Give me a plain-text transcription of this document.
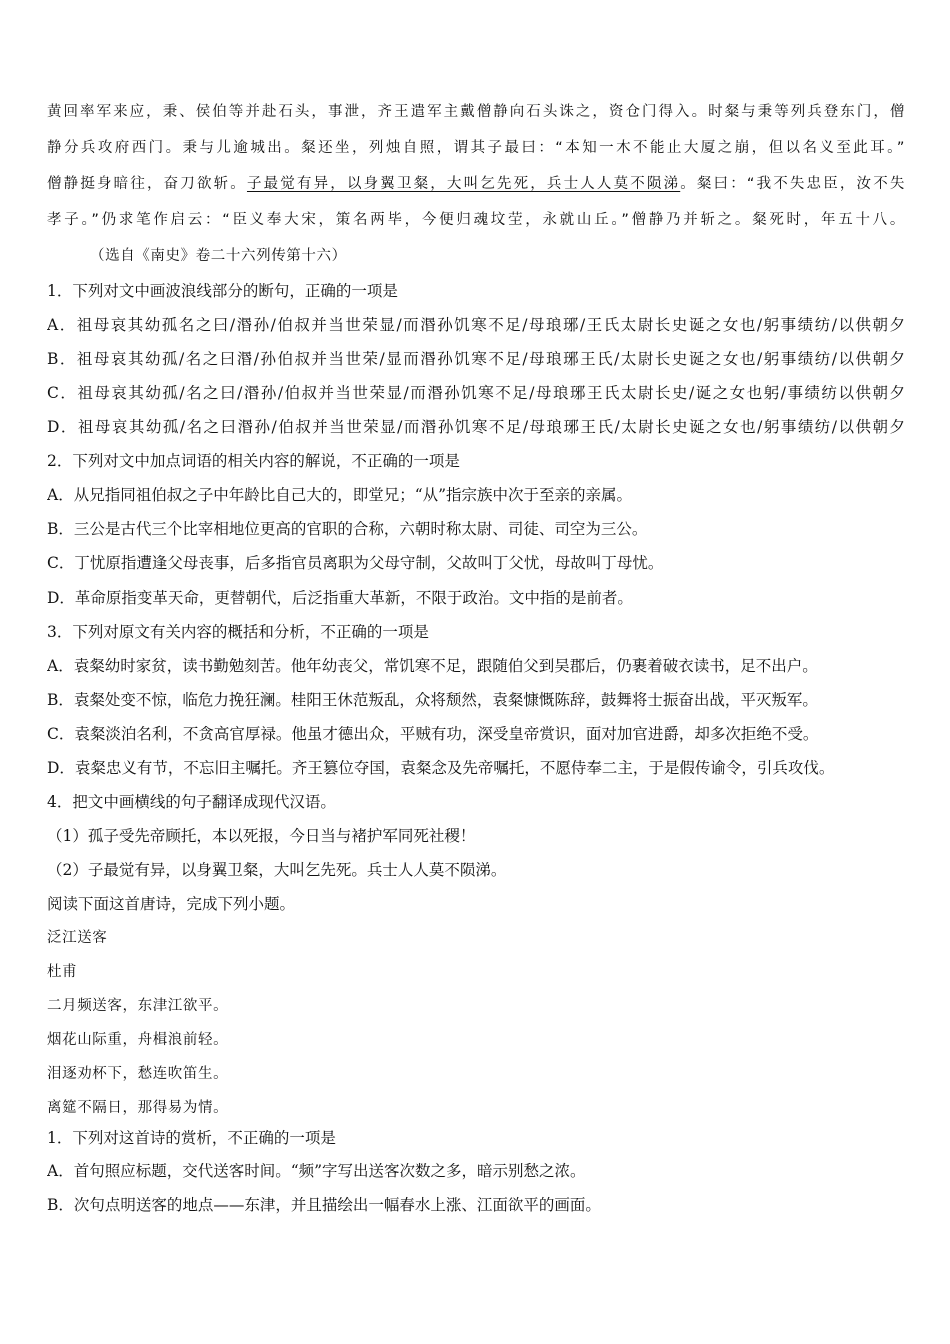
黄回率军来应，秉、侯伯等并赴石头，事泄，齐王遣军主戴僧静向石头诛之，资仓门得入。时粲与秉等列兵登东门，僧
静分兵攻府西门。秉与儿逾城出。粲还坐，列烛自照，谓其子最曰：“本知一木不能止大厦之崩，但以名义至此耳。”
僧静挺身暗往，奋刀欲斩。子最觉有异，以身翼卫粲，大叫乞先死，兵士人人莫不陨涕。粲曰：“我不失忠臣，汝不失
孝子。”仍求笔作启云：“臣义奉大宋，策名两毕，今便归魂坟茔，永就山丘。”僧静乃并斩之。粲死时，年五十八。
（选自《南史》卷二十六列传第十六）
1．下列对文中画波浪线部分的断句，正确的一项是
A．祖母哀其幼孤名之曰/湣孙/伯叔并当世荣显/而湣孙饥寒不足/母琅琊/王氏太尉长史诞之女也/躬事绩纺/以供朝夕
B．祖母哀其幼孤/名之曰湣/孙伯叔并当世荣/显而湣孙饥寒不足/母琅琊王氏/太尉长史诞之女也/躬事绩纺/以供朝夕
C．祖母哀其幼孤/名之曰/湣孙/伯叔并当世荣显/而湣孙饥寒不足/母琅琊王氏太尉长史/诞之女也躬/事绩纺以供朝夕
D．祖母哀其幼孤/名之曰湣孙/伯叔并当世荣显/而湣孙饥寒不足/母琅琊王氏/太尉长史诞之女也/躬事绩纺/以供朝夕
2．下列对文中加点词语的相关内容的解说，不正确的一项是
A．从兄指同祖伯叔之子中年龄比自己大的，即堂兄；“从”指宗族中次于至亲的亲属。
B．三公是古代三个比宰相地位更高的官职的合称，六朝时称太尉、司徒、司空为三公。
C．丁忧原指遭逢父母丧事，后多指官员离职为父母守制，父故叫丁父忧，母故叫丁母忧。
D．革命原指变革天命，更替朝代，后泛指重大革新，不限于政治。文中指的是前者。
3．下列对原文有关内容的概括和分析，不正确的一项是
A．袁粲幼时家贫，读书勤勉刻苦。他年幼丧父，常饥寒不足，跟随伯父到吴郡后，仍裹着破衣读书，足不出户。
B．袁粲处变不惊，临危力挽狂澜。桂阳王休范叛乱，众将颓然，袁粲慷慨陈辞，鼓舞将士振奋出战，平灭叛军。
C．袁粲淡泊名利，不贪高官厚禄。他虽才德出众，平贼有功，深受皇帝赏识，面对加官进爵，却多次拒绝不受。
D．袁粲忠义有节，不忘旧主嘱托。齐王篡位夺国，袁粲念及先帝嘱托，不愿侍奉二主，于是假传谕令，引兵攻伐。
4．把文中画横线的句子翻译成现代汉语。
（1）孤子受先帝顾托，本以死报，今日当与褚护军同死社稷！
（2）子最觉有异，以身翼卫粲，大叫乞先死。兵士人人莫不陨涕。
阅读下面这首唐诗，完成下列小题。
泛江送客
杜甫
二月频送客，东津江欲平。
烟花山际重，舟楫浪前轻。
泪逐劝杯下，愁连吹笛生。
离筵不隔日，那得易为情。
1．下列对这首诗的赏析，不正确的一项是
A．首句照应标题，交代送客时间。“频”字写出送客次数之多，暗示别愁之浓。
B．次句点明送客的地点——东津，并且描绘出一幅春水上涨、江面欲平的画面。
